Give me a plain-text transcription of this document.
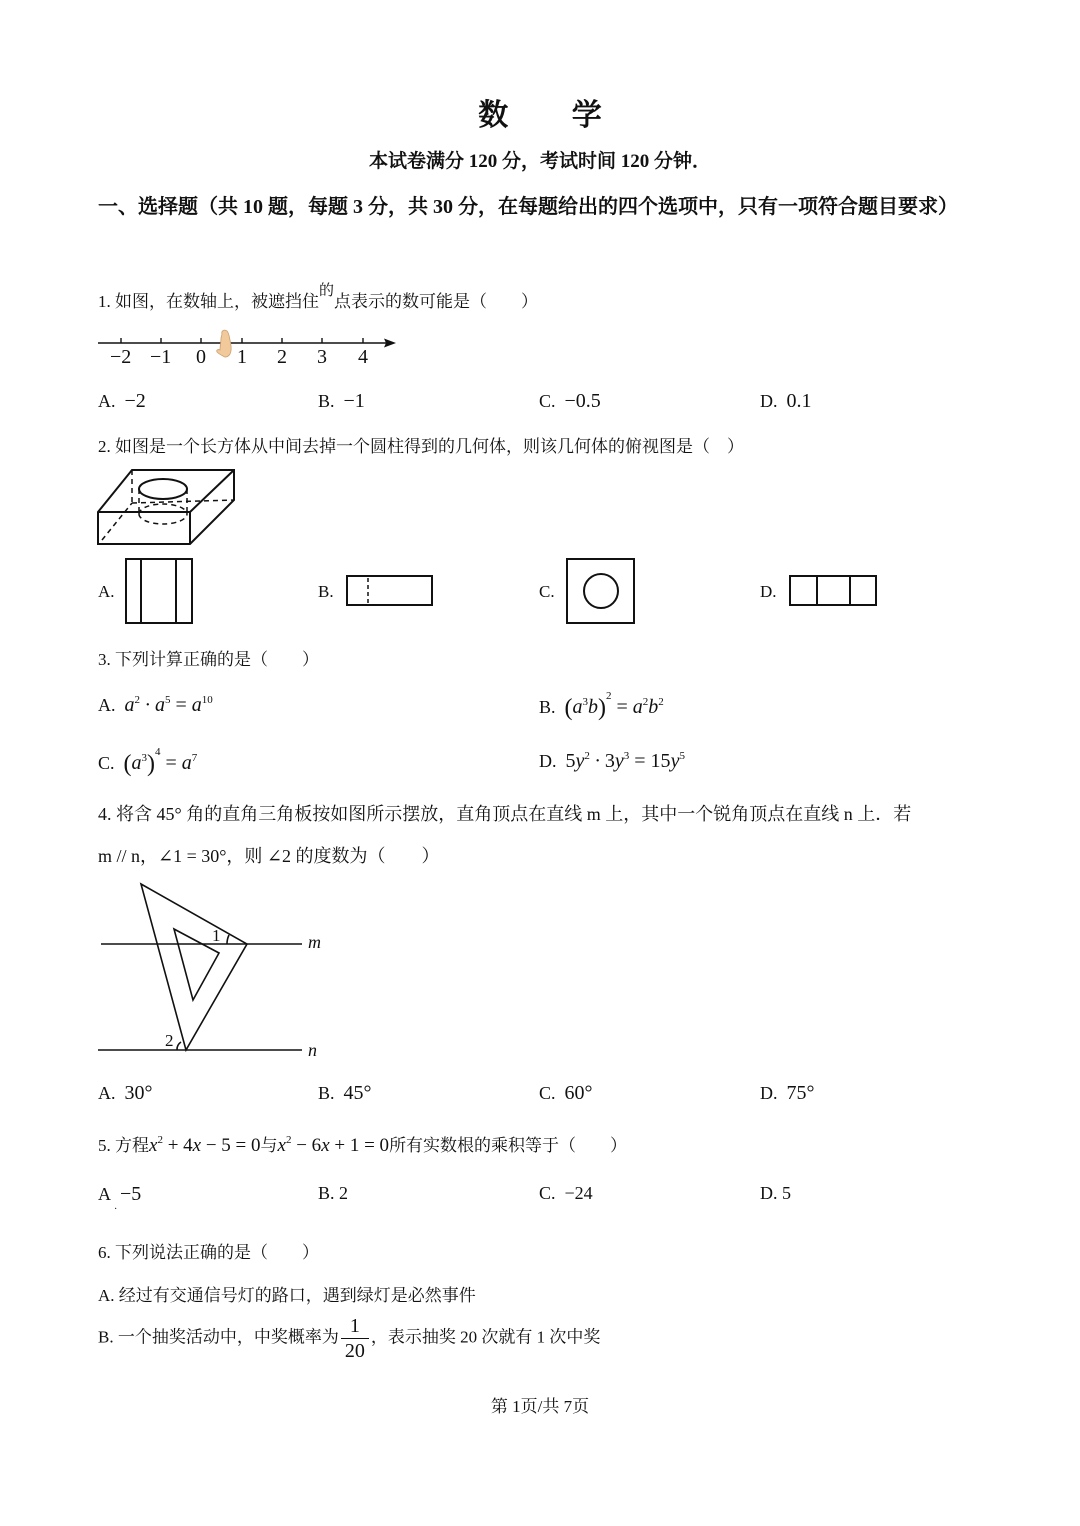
数 学
本试卷满分 120 分，考试时间 120 分钟．
一、选择题（共 10 题，每题 3 分，共 30 分，在每题给出的四个选项中，只有一项符合题目要求）
1. 如图，在数轴上，被遮挡住的点表示的数可能是（　　）
−2 −1 0 1 2 3 4
A. −2	B. −1	C. −0.5	D. 0.1
2. 如图是一个长方体从中间去掉一个圆柱得到的几何体，则该几何体的俯视图是（　）
A.	B.	C.	D.
3. 下列计算正确的是（　　）
A. $a^2 \cdot a^5 = a^{10}$	B. $(a^3b)^2 = a^2b^2$
C. $(a^3)^4 = a^7$	D. $5y^2 \cdot 3y^3 = 15y^5$
4. 将含 45° 角的直角三角板按如图所示摆放，直角顶点在直线 m 上，其中一个锐角顶点在直线 n 上．若
m // n，∠1 = 30°，则 ∠2 的度数为（　　）
1
2
m
n
A. 30°	B. 45°	C. 60°	D. 75°
5. 方程$x^2 + 4x - 5 = 0$与$x^2 - 6x + 1 = 0$所有实数根的乘积等于（　　）
A −5
·
B. 2	C. −24	D. 5
6. 下列说法正确的是（　　）
A. 经过有交通信号灯的路口，遇到绿灯是必然事件
B. 一个抽奖活动中，中奖概率为 $\frac{1}{20}$ ，表示抽奖 20 次就有 1 次中奖
第 1页/共 7页
